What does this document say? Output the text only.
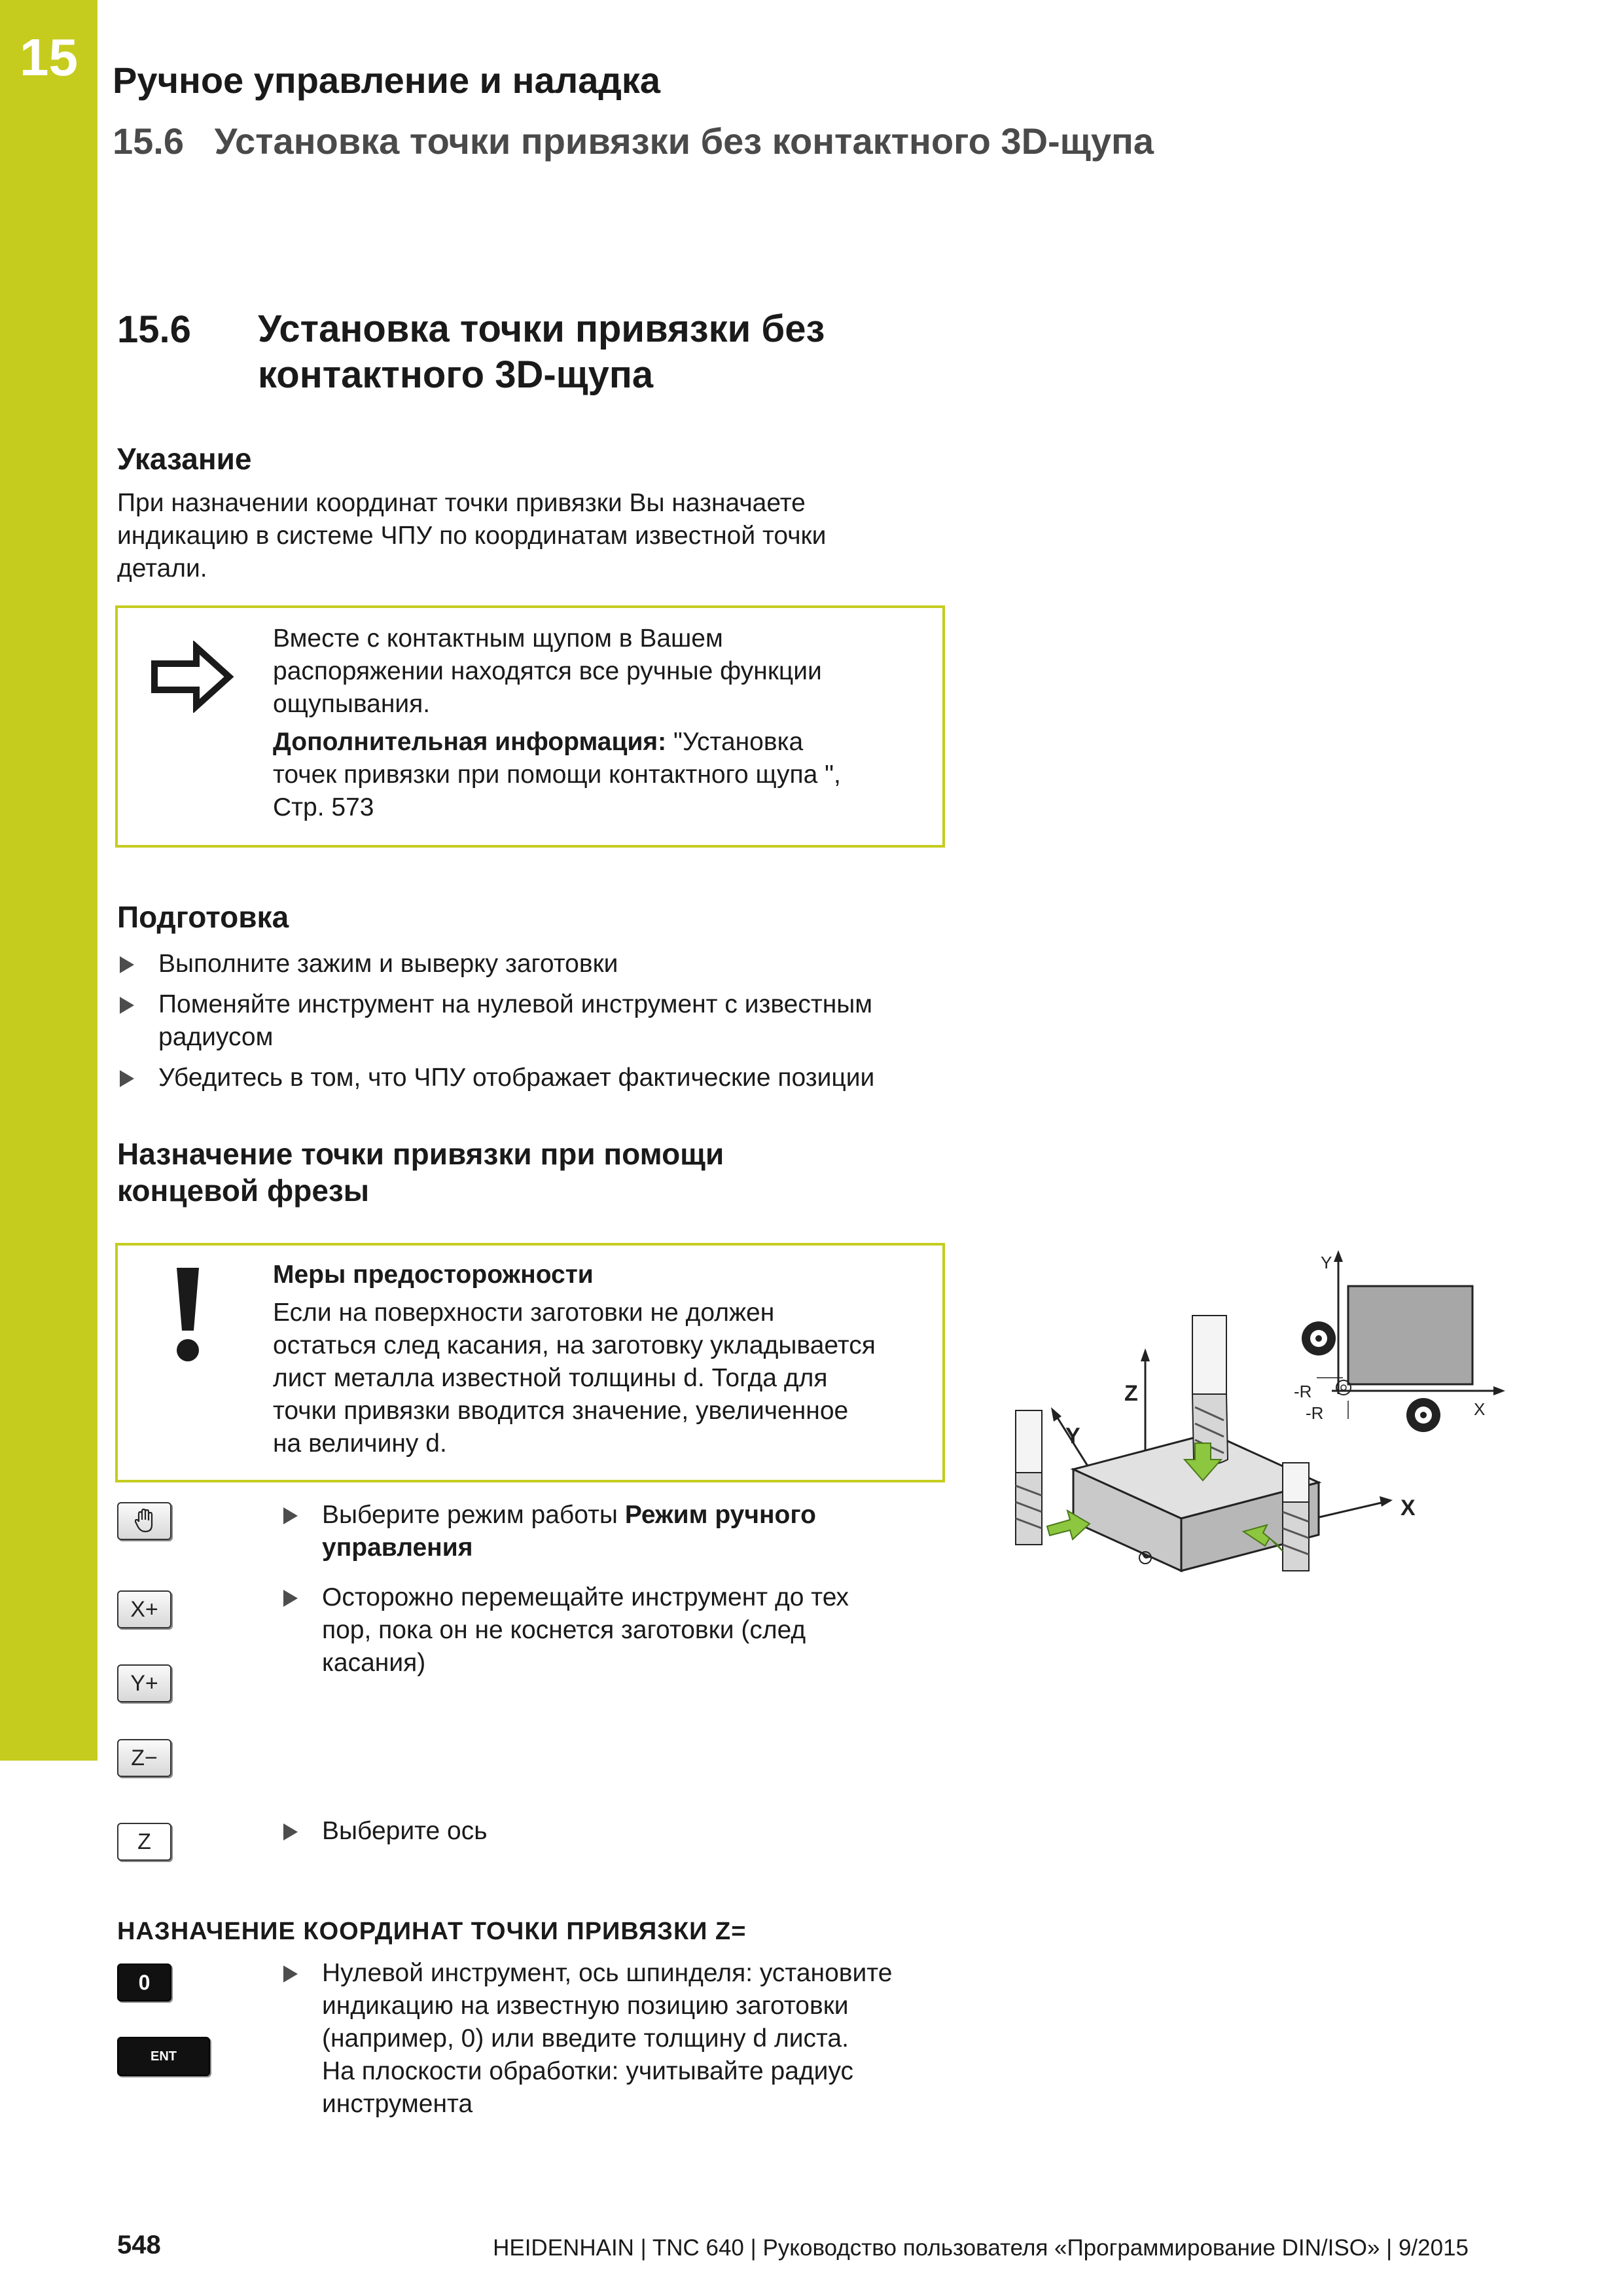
15 Ручное управление и наладка
15.6   Установка точки привязки без контактного 3D-щупа
15.6 Установка точки привязки без
контактного 3D-щупа
Указание
При назначении координат точки привязки Вы назначаете
индикацию в системе ЧПУ по координатам известной точки
детали.
Вместе с контактным щупом в Вашем
распоряжении находятся все ручные функции
ощупывания.
Дополнительная информация: "Установка
точек привязки при помощи контактного щупа ",
Стр. 573
Подготовка
Выполните зажим и выверку заготовки
Поменяйте инструмент на нулевой инструмент с известным
радиусом
Убедитесь в том, что ЧПУ отображает фактические позиции
Назначение точки привязки при помощи
концевой фрезы
Меры предосторожности
Если на поверхности заготовки не должен
остаться след касания, на заготовку укладывается
лист металла известной толщины d. Тогда для
точки привязки вводится значение, увеличенное
на величину d.
X+
Y+
Z−
Z
Выберите режим работы Режим ручного
управления
Осторожно перемещайте инструмент до тех
пор, пока он не коснется заготовки (след
касания)
Выберите ось
НАЗНАЧЕНИЕ КООРДИНАТ ТОЧКИ ПРИВЯЗКИ Z=
0
ENT
Нулевой инструмент, ось шпинделя: установите
индикацию на известную позицию заготовки
(например, 0) или введите толщину d листа.
На плоскости обработки: учитывайте радиус
инструмента
Y
X
-R
-R
Z
Y
X
548	HEIDENHAIN | TNC 640 | Руководство пользователя «Программирование DIN/ISO» | 9/2015
